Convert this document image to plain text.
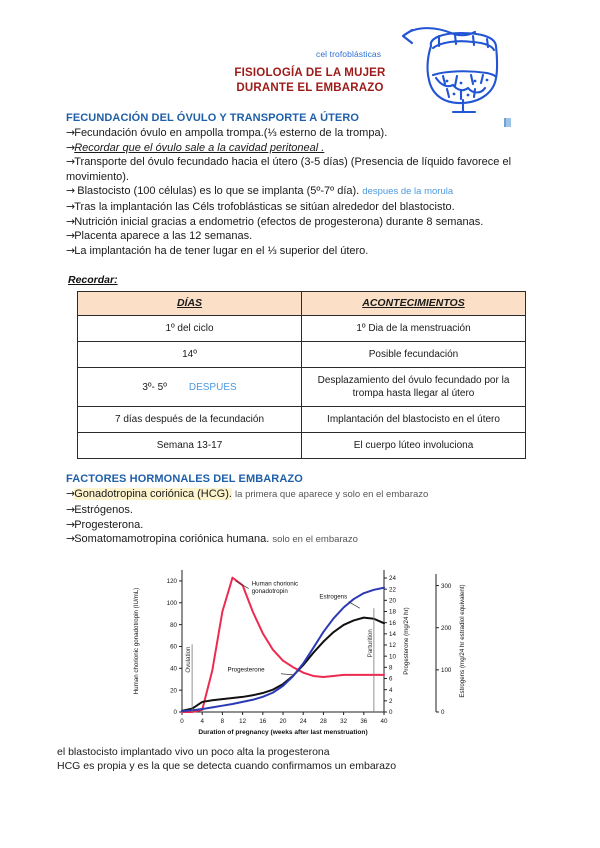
cel trofoblásticas
FISIOLOGÍA DE LA MUJER
DURANTE EL EMBARAZO
FECUNDACIÓN DEL ÓVULO Y TRANSPORTE A ÚTERO

→Fecundación óvulo en ampolla trompa.(⅓ esterno de la trompa).

→Recordar que el óvulo sale a la cavidad peritoneal .

→Transporte del óvulo fecundado hacia el útero (3-5 días) (Presencia de líquido favorece el movimiento).

→ Blastocisto (100 células) es lo que se implanta (5º-7º día). despues de la morula

→Tras la implantación las Céls trofoblásticas se sitúan alrededor del blastocisto.

→Nutrición inicial gracias a endometrio (efectos de progesterona) durante 8 semanas.

→Placenta aparece a las 12 semanas.

→La implantación ha de tener lugar en el ⅓ superior del útero.

Recordar:
DÍAS	ACONTECIMIENTOS
1º del ciclo	1º Dia de la menstruación
14º	Posible fecundación
3º- 5º DESPUES	Desplazamiento del óvulo fecundado por la trompa hasta llegar al útero
7 días después de la fecundación	Implantación del blastocisto en el útero
Semana 13-17	El cuerpo lúteo involuciona
FACTORES HORMONALES DEL EMBARAZO

→Gonadotropina coriónica (HCG). la primera que aparece y solo en el embarazo

→Estrógenos.

→Progesterona.

→Somatomamotropina coriónica humana. solo en el embarazo

0
20
40
60
80
100
120
Human chorionic gonadotropin (IU/mL)
0	4	8 12 16 20 24 28 32 36 40
Duration of pregnancy (weeks after last menstruation)
0
2
4
6
8
10
12
14
16
18
20
22
24
Progesterone (mg/24 hr)
0
100
200
300 Estrogens (mg/24 hr estradiol equivalent)
Ovulation
Parturition
Human chorionic
gonadotropin
Estrogens
Progesterone
el blastocisto implantado vivo un poco alta la progesterona
HCG es propia y es la que se detecta cuando confirmamos un embarazo
